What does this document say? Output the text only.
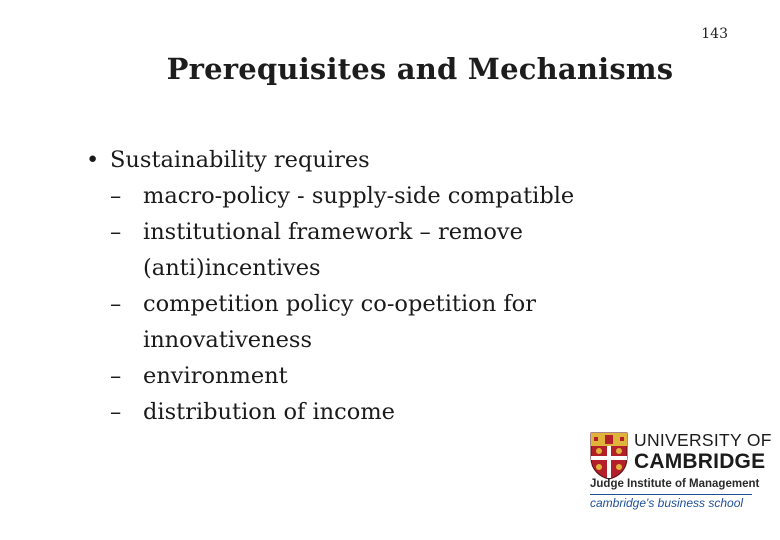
143
Prerequisites and Mechanisms
• Sustainability requires
– macro-policy - supply-side compatible
– institutional framework – remove
(anti)incentives
– competition policy co-opetition for
innovativeness
– environment
– distribution of income
UNIVERSITY OF
CAMBRIDGE
Judge Institute of Management
cambridge's business school
